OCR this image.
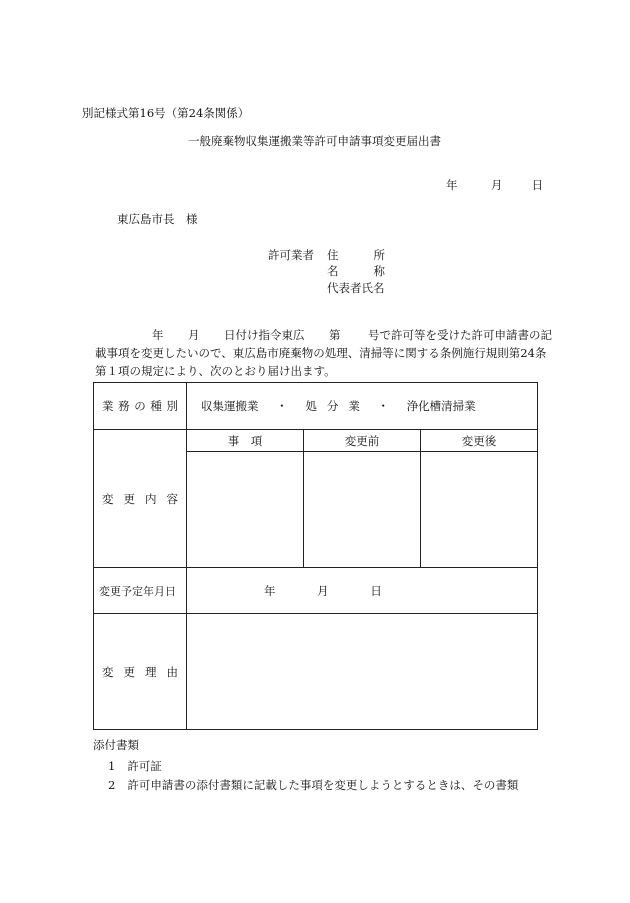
別記様式第16号（第24条関係）
一般廃棄物収集運搬業等許可申請事項変更届出書
年	月	日
東広島市長　様
許可業者 住	所
名	称
代表者氏名
年 月 日付け指令東広 第 号で許可等を受けた許可申請書の記
載事項を変更したいので、東広島市廃棄物の処理、清掃等に関する条例施行規則第24条
第１項の規定により、次のとおり届け出ます。
業 務 の 種 別	収集運搬業 ・ 処 分 業 ・ 浄化槽清掃業		

変 更 内 容	事　項	変更前	変更後

変更予定年月日	年 月 日		

変 更 理 由			

添付書類
1 許可証
2 許可申請書の添付書類に記載した事項を変更しようとするときは、その書類
